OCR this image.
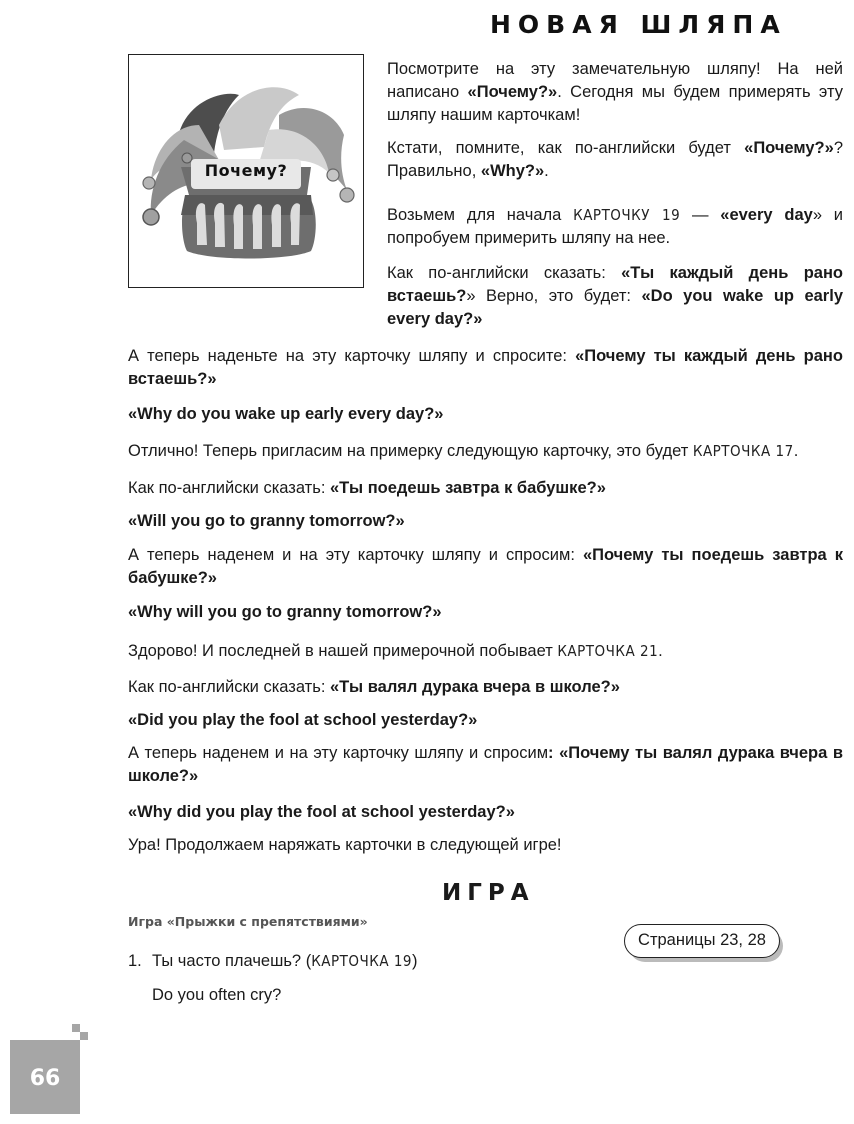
НОВАЯ ШЛЯПА
Почему?

Посмотрите на эту замечательную шляпу! На ней написано «Почему?». Сегодня мы будем примерять эту шляпу нашим карточкам!

Кстати, помните, как по-английски будет «Почему?»? Правильно, «Why?».

Возьмем для начала КАРТОЧКУ 19 — «every day» и попробуем примерить шляпу на нее.

Как по-английски сказать: «Ты каждый день рано встаешь?» Верно, это будет: «Do you wake up early every day?»

А теперь наденьте на эту карточку шляпу и спросите: «Почему ты каждый день рано встаешь?»

«Why do you wake up early every day?»

Отлично! Теперь пригласим на примерку следующую карточку, это будет КАРТОЧКА 17.

Как по-английски сказать: «Ты поедешь завтра к бабушке?»

«Will you go to granny tomorrow?»

А теперь наденем и на эту карточку шляпу и спросим: «Почему ты поедешь завтра к бабушке?»

«Why will you go to granny tomorrow?»

Здорово! И последней в нашей примерочной побывает КАРТОЧКА 21.

Как по-английски сказать: «Ты валял дурака вчера в школе?»

«Did you play the fool at school yesterday?»

А теперь наденем и на эту карточку шляпу и спросим: «Почему ты валял дурака вчера в школе?»

«Why did you play the fool at school yesterday?»

Ура! Продолжаем наряжать карточки в следующей игре!

ИГРА

Игра «Прыжки с препятствиями»

Страницы 23, 28
1. Ты часто плачешь? (КАРТОЧКА 19)

Do you often cry?

66
